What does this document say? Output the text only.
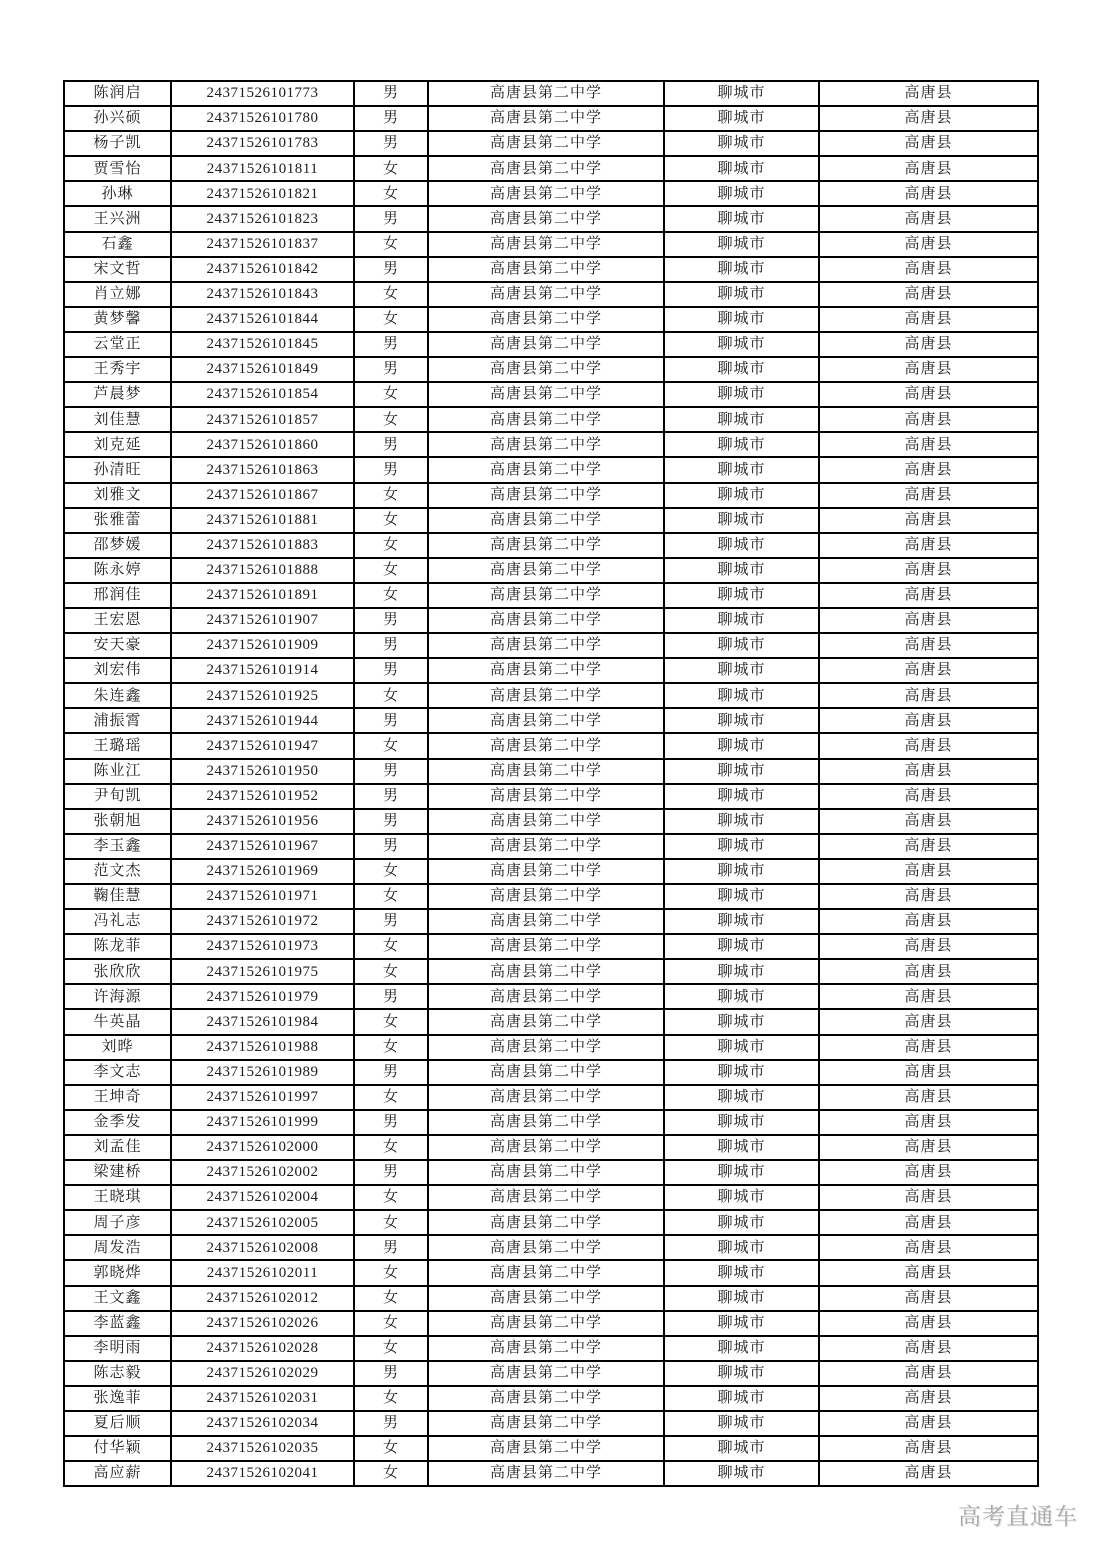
陈润启	24371526101773	男	高唐县第二中学	聊城市	高唐县
孙兴硕	24371526101780	男	高唐县第二中学	聊城市	高唐县
杨子凯	24371526101783	男	高唐县第二中学	聊城市	高唐县
贾雪怡	24371526101811	女	高唐县第二中学	聊城市	高唐县
孙琳	24371526101821	女	高唐县第二中学	聊城市	高唐县
王兴洲	24371526101823	男	高唐县第二中学	聊城市	高唐县
石鑫	24371526101837	女	高唐县第二中学	聊城市	高唐县
宋文哲	24371526101842	男	高唐县第二中学	聊城市	高唐县
肖立娜	24371526101843	女	高唐县第二中学	聊城市	高唐县
黄梦馨	24371526101844	女	高唐县第二中学	聊城市	高唐县
云堂正	24371526101845	男	高唐县第二中学	聊城市	高唐县
王秀宇	24371526101849	男	高唐县第二中学	聊城市	高唐县
芦晨梦	24371526101854	女	高唐县第二中学	聊城市	高唐县
刘佳慧	24371526101857	女	高唐县第二中学	聊城市	高唐县
刘克延	24371526101860	男	高唐县第二中学	聊城市	高唐县
孙清旺	24371526101863	男	高唐县第二中学	聊城市	高唐县
刘雅文	24371526101867	女	高唐县第二中学	聊城市	高唐县
张雅蕾	24371526101881	女	高唐县第二中学	聊城市	高唐县
邵梦媛	24371526101883	女	高唐县第二中学	聊城市	高唐县
陈永婷	24371526101888	女	高唐县第二中学	聊城市	高唐县
邢润佳	24371526101891	女	高唐县第二中学	聊城市	高唐县
王宏恩	24371526101907	男	高唐县第二中学	聊城市	高唐县
安天豪	24371526101909	男	高唐县第二中学	聊城市	高唐县
刘宏伟	24371526101914	男	高唐县第二中学	聊城市	高唐县
朱连鑫	24371526101925	女	高唐县第二中学	聊城市	高唐县
浦振霄	24371526101944	男	高唐县第二中学	聊城市	高唐县
王璐瑶	24371526101947	女	高唐县第二中学	聊城市	高唐县
陈业江	24371526101950	男	高唐县第二中学	聊城市	高唐县
尹旬凯	24371526101952	男	高唐县第二中学	聊城市	高唐县
张朝旭	24371526101956	男	高唐县第二中学	聊城市	高唐县
李玉鑫	24371526101967	男	高唐县第二中学	聊城市	高唐县
范文杰	24371526101969	女	高唐县第二中学	聊城市	高唐县
鞠佳慧	24371526101971	女	高唐县第二中学	聊城市	高唐县
冯礼志	24371526101972	男	高唐县第二中学	聊城市	高唐县
陈龙菲	24371526101973	女	高唐县第二中学	聊城市	高唐县
张欣欣	24371526101975	女	高唐县第二中学	聊城市	高唐县
许海源	24371526101979	男	高唐县第二中学	聊城市	高唐县
牛英晶	24371526101984	女	高唐县第二中学	聊城市	高唐县
刘晔	24371526101988	女	高唐县第二中学	聊城市	高唐县
李文志	24371526101989	男	高唐县第二中学	聊城市	高唐县
王坤奇	24371526101997	女	高唐县第二中学	聊城市	高唐县
金季发	24371526101999	男	高唐县第二中学	聊城市	高唐县
刘孟佳	24371526102000	女	高唐县第二中学	聊城市	高唐县
梁建桥	24371526102002	男	高唐县第二中学	聊城市	高唐县
王晓琪	24371526102004	女	高唐县第二中学	聊城市	高唐县
周子彦	24371526102005	女	高唐县第二中学	聊城市	高唐县
周发浩	24371526102008	男	高唐县第二中学	聊城市	高唐县
郭晓烨	24371526102011	女	高唐县第二中学	聊城市	高唐县
王文鑫	24371526102012	女	高唐县第二中学	聊城市	高唐县
李蓝鑫	24371526102026	女	高唐县第二中学	聊城市	高唐县
李明雨	24371526102028	女	高唐县第二中学	聊城市	高唐县
陈志毅	24371526102029	男	高唐县第二中学	聊城市	高唐县
张逸菲	24371526102031	女	高唐县第二中学	聊城市	高唐县
夏后顺	24371526102034	男	高唐县第二中学	聊城市	高唐县
付华颖	24371526102035	女	高唐县第二中学	聊城市	高唐县
高应薪	24371526102041	女	高唐县第二中学	聊城市	高唐县
高考直通车
